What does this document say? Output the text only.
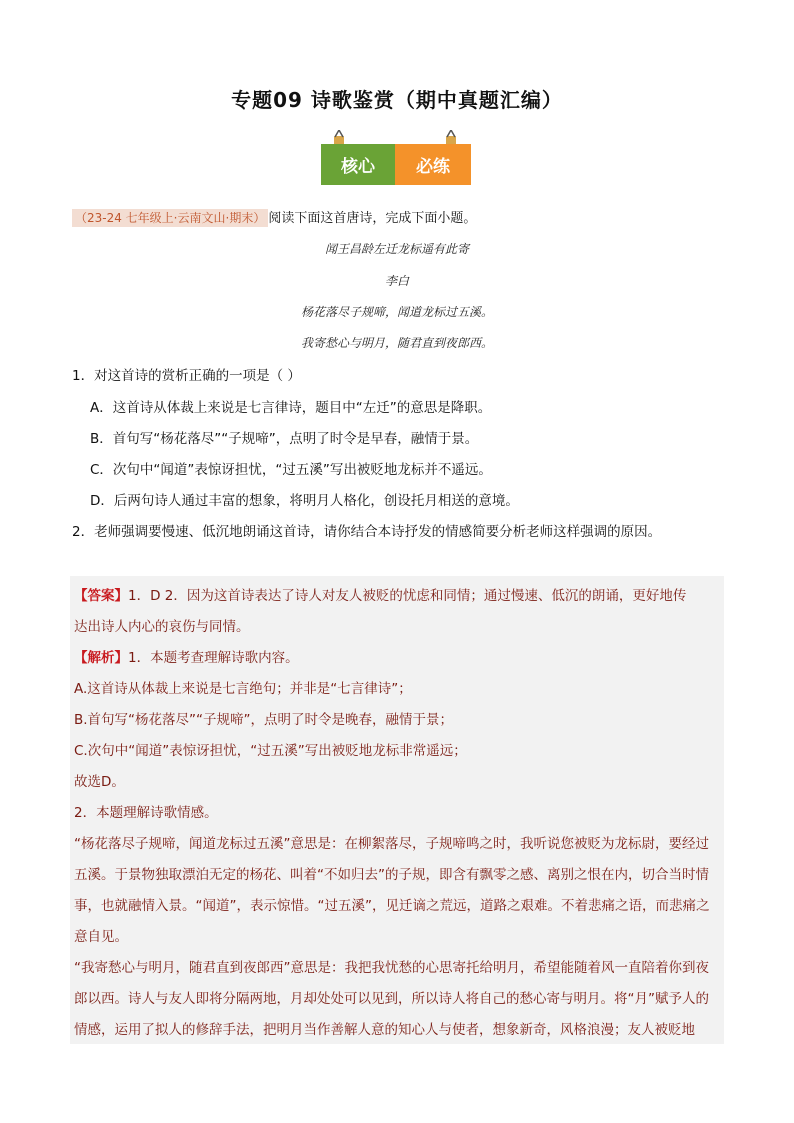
专题09 诗歌鉴赏（期中真题汇编）
核心	必练
（23-24 七年级上·云南文山·期末） 阅读下面这首唐诗，完成下面小题。
闻王昌龄左迁龙标遥有此寄
李白
杨花落尽子规啼，闻道龙标过五溪。
我寄愁心与明月，随君直到夜郎西。
1．对这首诗的赏析正确的一项是（ ）
A．这首诗从体裁上来说是七言律诗，题目中“左迁”的意思是降职。
B．首句写“杨花落尽”“子规啼”，点明了时令是早春，融情于景。
C．次句中“闻道”表惊讶担忧，“过五溪”写出被贬地龙标并不遥远。
D．后两句诗人通过丰富的想象，将明月人格化，创设托月相送的意境。
2．老师强调要慢速、低沉地朗诵这首诗，请你结合本诗抒发的情感简要分析老师这样强调的原因。
【答案】1．D 2．因为这首诗表达了诗人对友人被贬的忧虑和同情；通过慢速、低沉的朗诵，更好地传
达出诗人内心的哀伤与同情。
【解析】1．本题考查理解诗歌内容。
A.这首诗从体裁上来说是七言绝句；并非是“七言律诗”；
B.首句写“杨花落尽”“子规啼”，点明了时令是晚春，融情于景；
C.次句中“闻道”表惊讶担忧，“过五溪”写出被贬地龙标非常遥远；
故选D。
2．本题理解诗歌情感。
“杨花落尽子规啼，闻道龙标过五溪”意思是：在柳絮落尽，子规啼鸣之时，我听说您被贬为龙标尉，要经过
五溪。于景物独取漂泊无定的杨花、叫着“不如归去”的子规，即含有飘零之感、离别之恨在内，切合当时情
事，也就融情入景。“闻道”，表示惊惜。“过五溪”，见迁谪之荒远，道路之艰难。不着悲痛之语，而悲痛之
意自见。
“我寄愁心与明月，随君直到夜郎西”意思是：我把我忧愁的心思寄托给明月，希望能随着风一直陪着你到夜
郎以西。诗人与友人即将分隔两地，月却处处可以见到，所以诗人将自己的愁心寄与明月。将“月”赋予人的
情感，运用了拟人的修辞手法，把明月当作善解人意的知心人与使者，想象新奇，风格浪漫；友人被贬地
